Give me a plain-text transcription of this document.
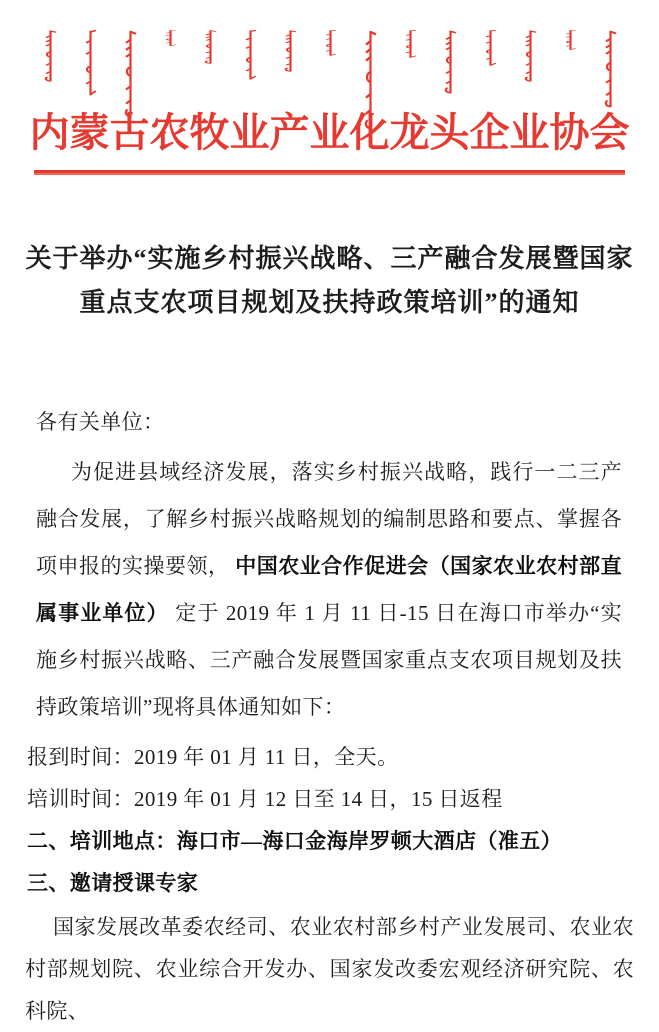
内蒙古农牧业产业化龙头企业协会
关于举办“实施乡村振兴战略、三产融合发展暨国家
重点支农项目规划及扶持政策培训”的通知

各有关单位：

为促进县域经济发展，落实乡村振兴战略，践行一二三产融合发展，了解乡村振兴战略规划的编制思路和要点、掌握各项申报的实操要领， 中国农业合作促进会（国家农业农村部直属事业单位） 定于 2019 年 1 月 11 日-15 日在海口市举办“实施乡村振兴战略、三产融合发展暨国家重点支农项目规划及扶持政策培训”现将具体通知如下：

报到时间：2019 年 01 月 11 日，全天。

培训时间：2019 年 01 月 12 日至 14 日，15 日返程

二、培训地点：海口市—海口金海岸罗顿大酒店（准五）

三、邀请授课专家

国家发展改革委农经司、农业农村部乡村产业发展司、农业农村部规划院、农业综合开发办、国家发改委宏观经济研究院、农科院、
